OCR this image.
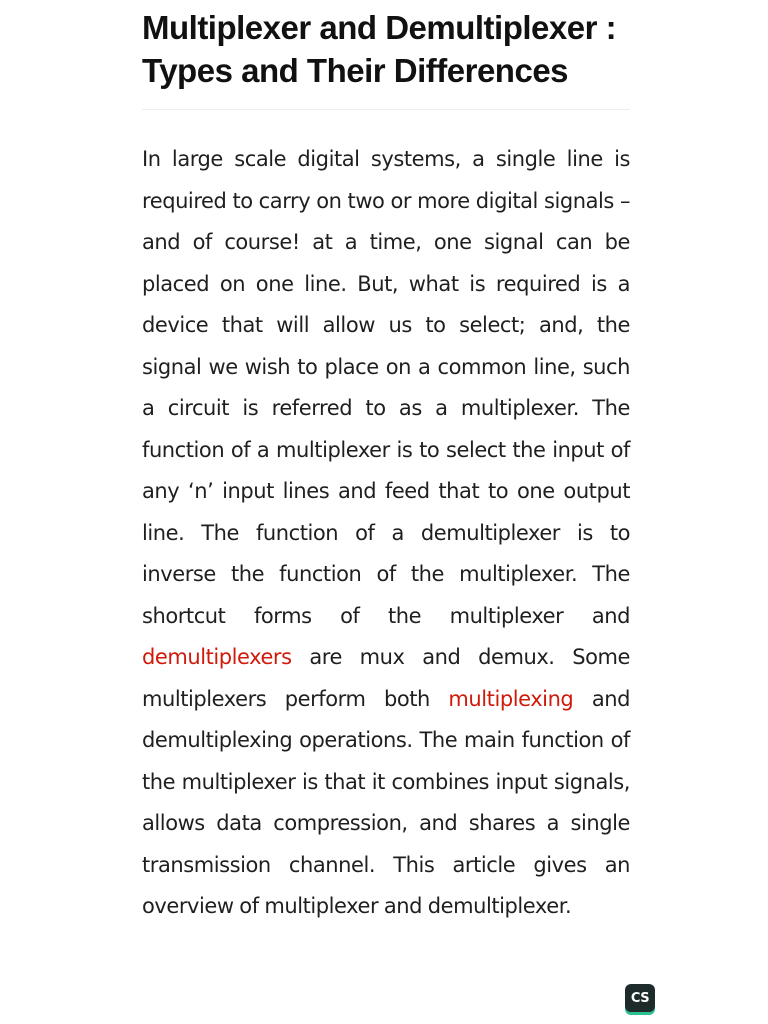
Multiplexer and Demultiplexer :
Types and Their Differences

In large scale digital systems, a single line is required to carry on two or more digital signals – and of course! at a time, one signal can be placed on one line. But, what is required is a device that will allow us to select; and, the signal we wish to place on a common line, such a circuit is referred to as a multiplexer. The function of a multiplexer is to select the input of any ‘n’ input lines and feed that to one output line. The function of a demultiplexer is to inverse the function of the multiplexer. The shortcut forms of the multiplexer and demultiplexers are mux and demux. Some multiplexers perform both multiplexing and demultiplexing operations. The main function of the multiplexer is that it combines input signals, allows data compression, and shares a single transmission channel. This article gives an overview of multiplexer and demultiplexer.

CS
